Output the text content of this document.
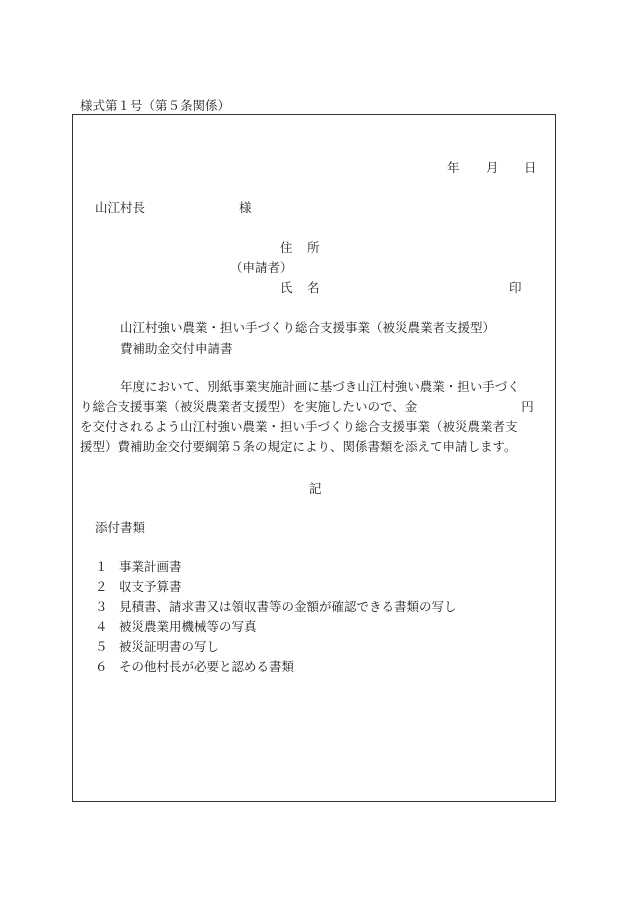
様式第１号（第５条関係）
年 月 日
山江村長	様
住 所
（申請者）
氏 名	印
山江村強い農業・担い手づくり総合支援事業（被災農業者支援型）
費補助金交付申請書
年度において、別紙事業実施計画に基づき山江村強い農業・担い手づく
り総合支援事業（被災農業者支援型）を実施したいので、金	円
を交付されるよう山江村強い農業・担い手づくり総合支援事業（被災農業者支
援型）費補助金交付要綱第５条の規定により、関係書類を添えて申請します。
記
添付書類
１ 事業計画書
２ 収支予算書
３ 見積書、請求書又は領収書等の金額が確認できる書類の写し
４ 被災農業用機械等の写真
５ 被災証明書の写し
６ その他村長が必要と認める書類
